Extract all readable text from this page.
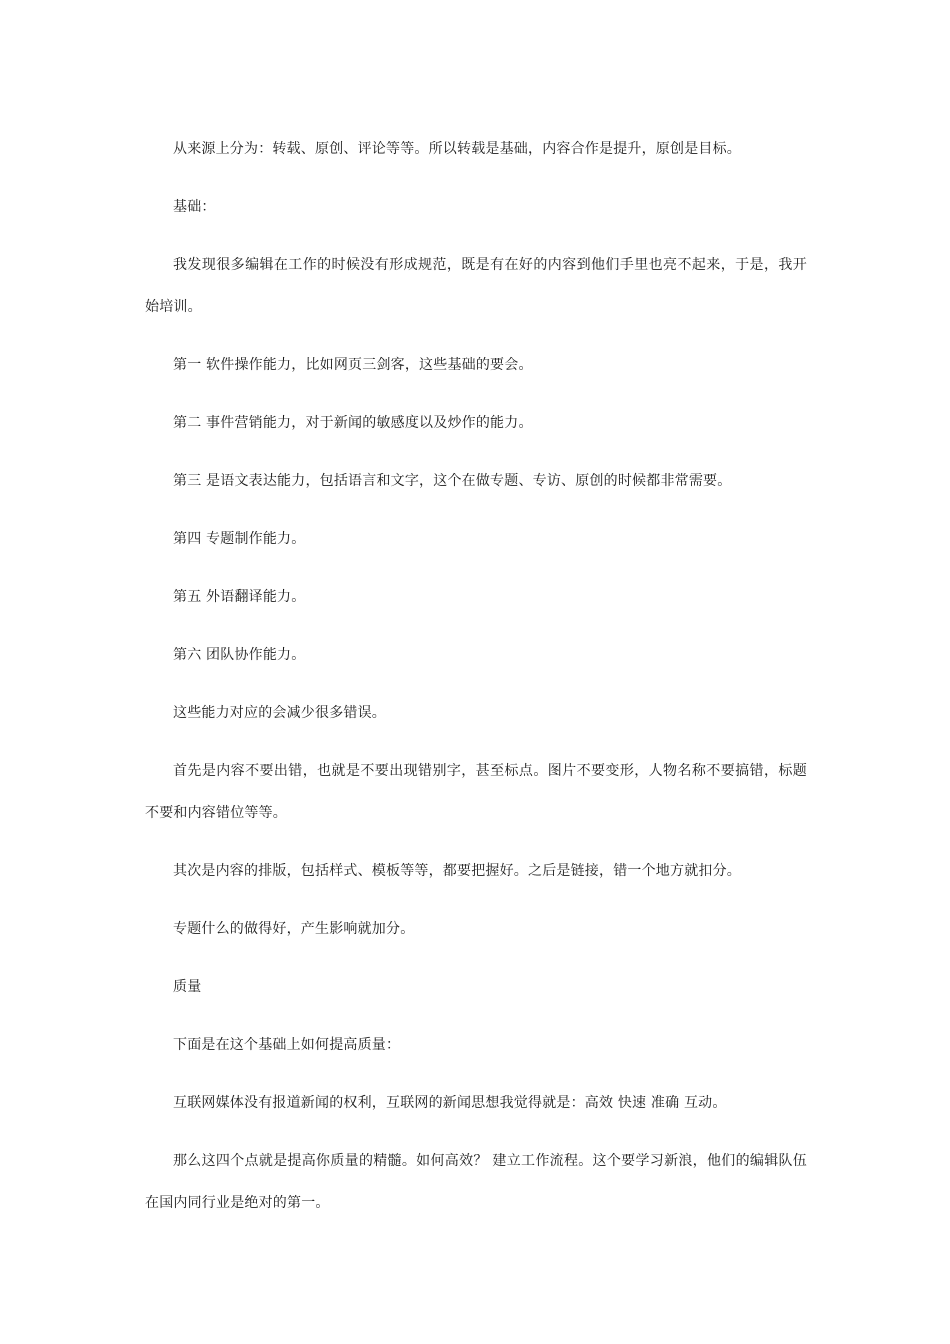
从来源上分为：转载、原创、评论等等。所以转载是基础，内容合作是提升，原创是目标。

基础：

我发现很多编辑在工作的时候没有形成规范，既是有在好的内容到他们手里也亮不起来，于是，我开始培训。

第一 软件操作能力，比如网页三剑客，这些基础的要会。

第二 事件营销能力，对于新闻的敏感度以及炒作的能力。

第三 是语文表达能力，包括语言和文字，这个在做专题、专访、原创的时候都非常需要。

第四 专题制作能力。

第五 外语翻译能力。

第六 团队协作能力。

这些能力对应的会减少很多错误。

首先是内容不要出错，也就是不要出现错别字，甚至标点。图片不要变形，人物名称不要搞错，标题不要和内容错位等等。

其次是内容的排版，包括样式、模板等等，都要把握好。之后是链接，错一个地方就扣分。

专题什么的做得好，产生影响就加分。

质量

下面是在这个基础上如何提高质量：

互联网媒体没有报道新闻的权利，互联网的新闻思想我觉得就是：高效 快速 准确 互动。

那么这四个点就是提高你质量的精髓。如何高效？ 建立工作流程。这个要学习新浪，他们的编辑队伍在国内同行业是绝对的第一。
